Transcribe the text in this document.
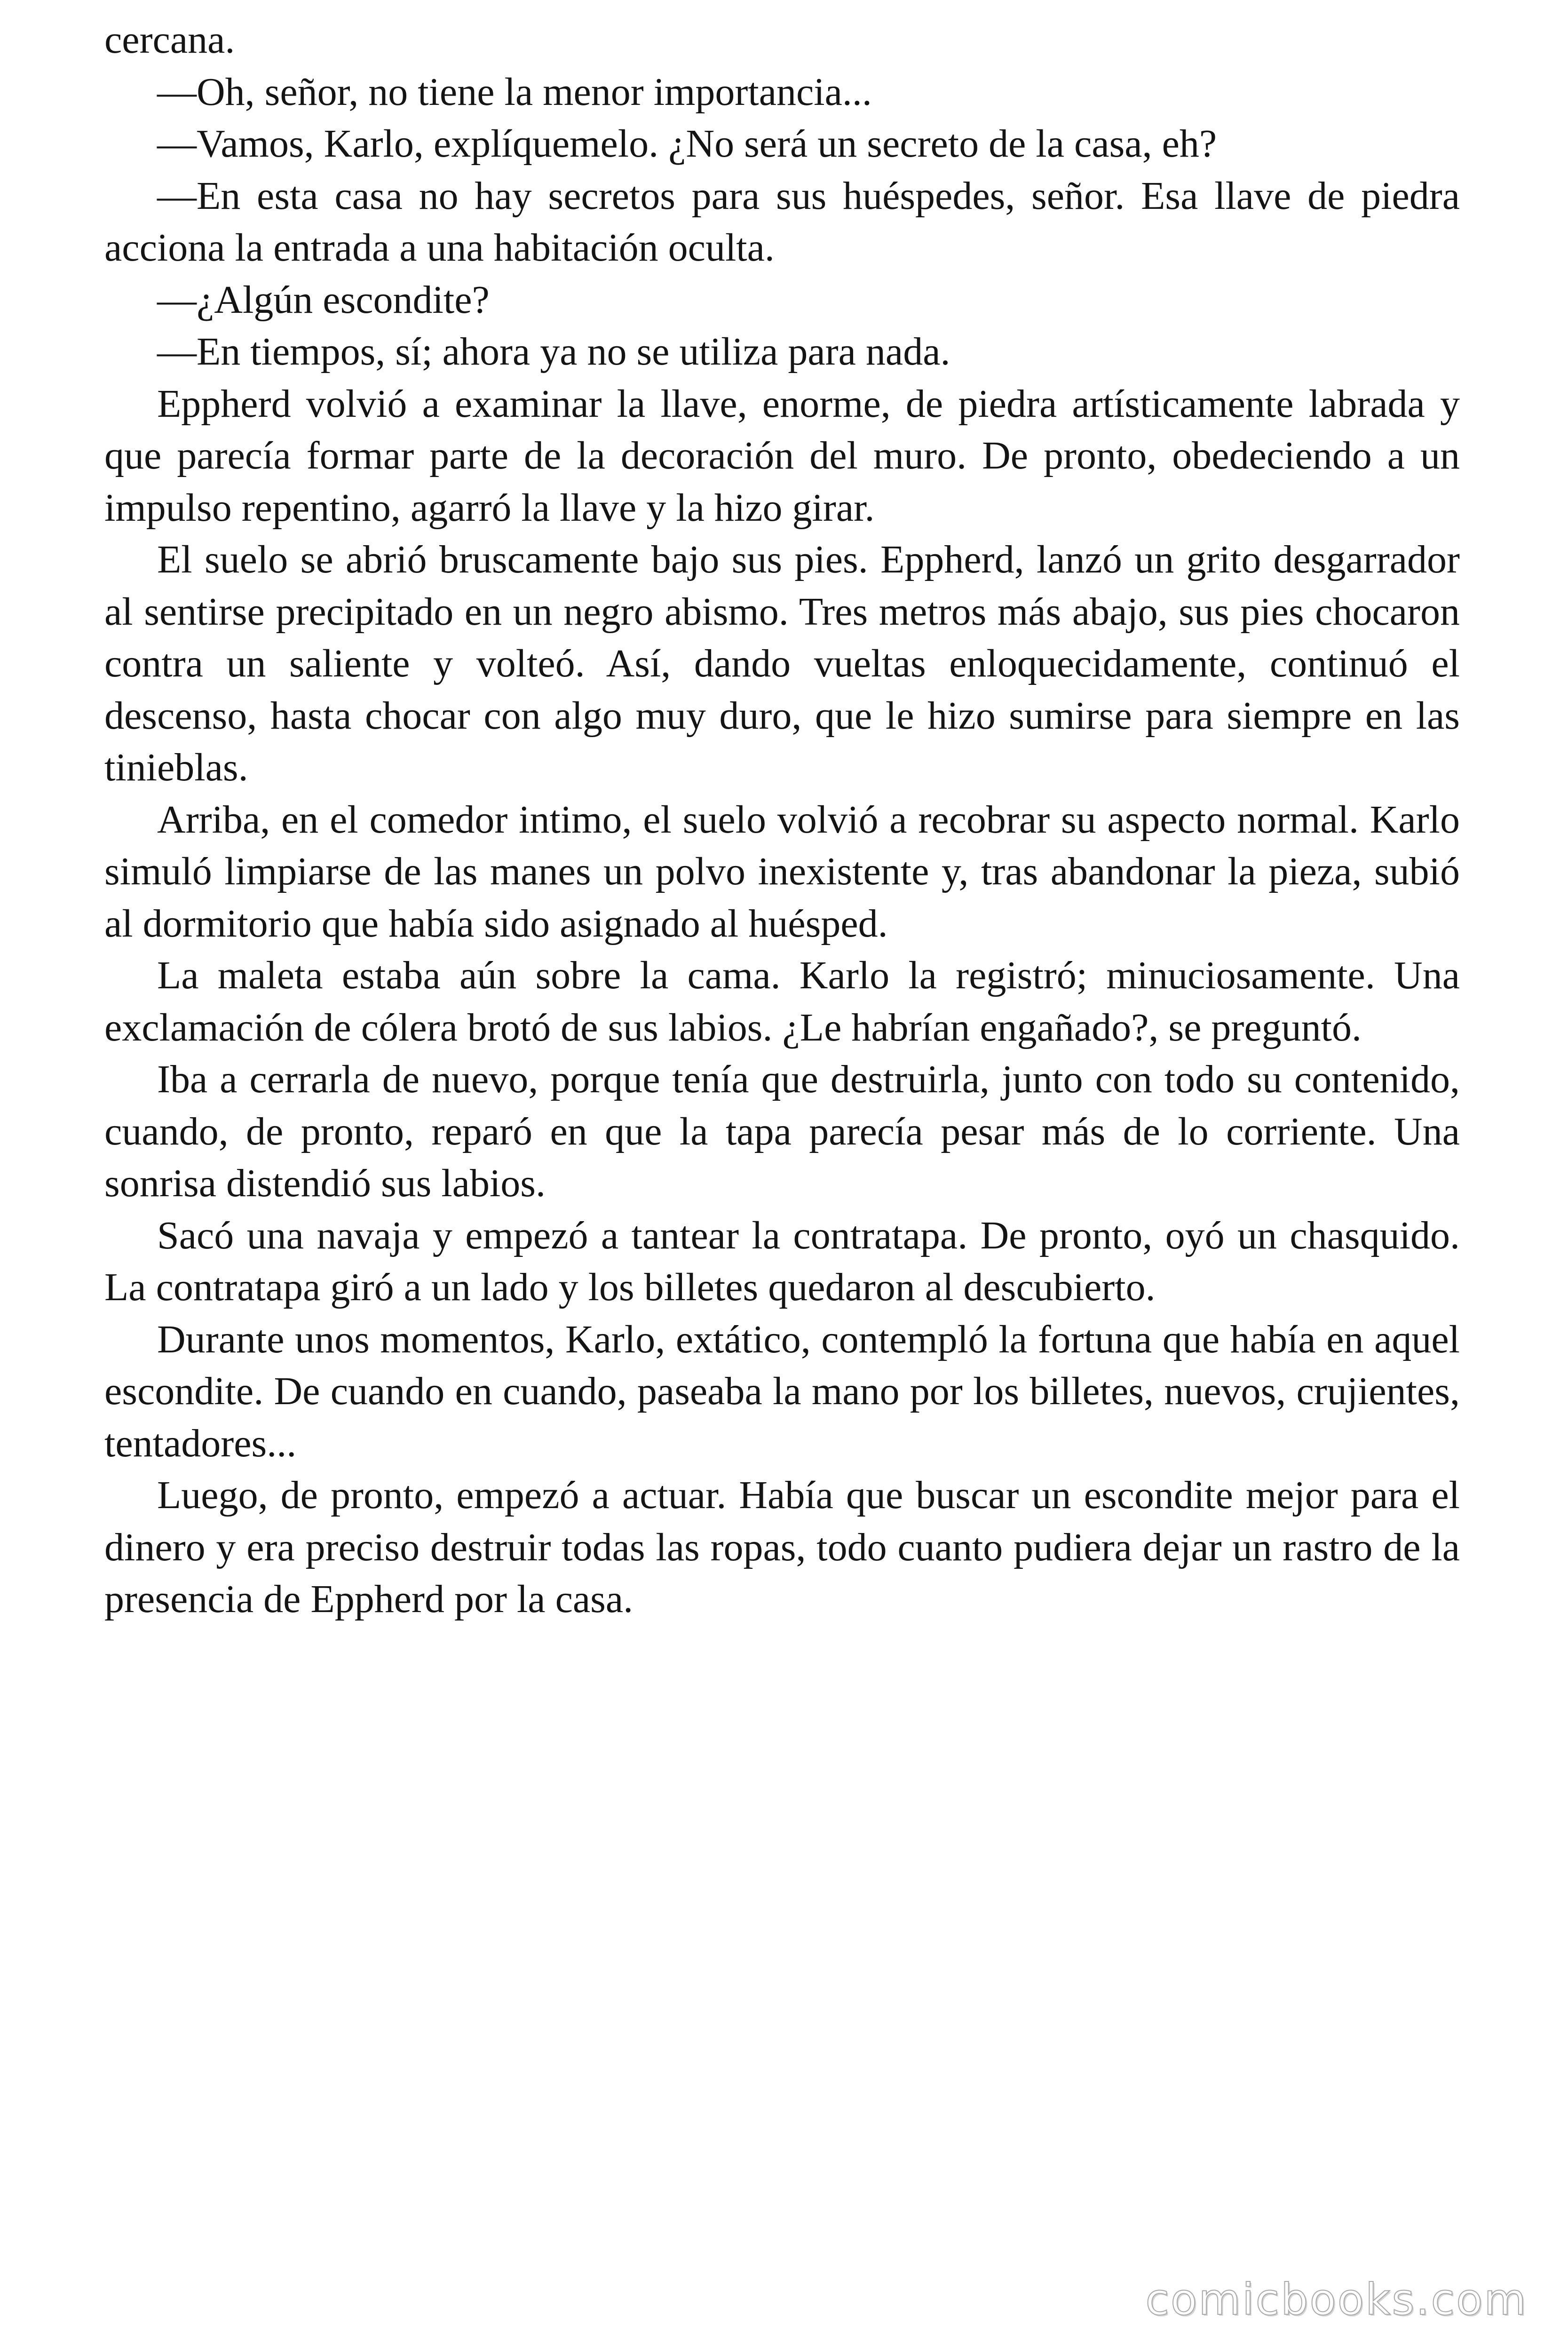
cercana.

—Oh, señor, no tiene la menor importancia...

—Vamos, Karlo, explíquemelo. ¿No será un secreto de la casa, eh?

—En esta casa no hay secretos para sus huéspedes, señor. Esa llave de piedra acciona la entrada a una habitación oculta.

—¿Algún escondite?

—En tiempos, sí; ahora ya no se utiliza para nada.

Eppherd volvió a examinar la llave, enorme, de piedra artísticamente labrada y que parecía formar parte de la decoración del muro. De pronto, obedeciendo a un impulso repentino, agarró la llave y la hizo girar.

El suelo se abrió bruscamente bajo sus pies. Eppherd, lanzó un grito desgarrador al sentirse precipitado en un negro abismo. Tres metros más abajo, sus pies chocaron contra un saliente y volteó. Así, dando vueltas enloquecidamente, continuó el descenso, hasta chocar con algo muy duro, que le hizo sumirse para siempre en las tinieblas.

Arriba, en el comedor intimo, el suelo volvió a recobrar su aspecto normal. Karlo simuló limpiarse de las manes un polvo inexistente y, tras abandonar la pieza, subió al dormitorio que había sido asignado al huésped.

La maleta estaba aún sobre la cama. Karlo la registró; minuciosamente. Una exclamación de cólera brotó de sus labios. ¿Le habrían engañado?, se preguntó.

Iba a cerrarla de nuevo, porque tenía que destruirla, junto con todo su contenido, cuando, de pronto, reparó en que la tapa parecía pesar más de lo corriente. Una sonrisa distendió sus labios.

Sacó una navaja y empezó a tantear la contratapa. De pronto, oyó un chasquido. La contratapa giró a un lado y los billetes quedaron al descubierto.

Durante unos momentos, Karlo, extático, contempló la fortuna que había en aquel escondite. De cuando en cuando, paseaba la mano por los billetes, nuevos, crujientes, tentadores...

Luego, de pronto, empezó a actuar. Había que buscar un escondite mejor para el dinero y era preciso destruir todas las ropas, todo cuanto pudiera dejar un rastro de la presencia de Eppherd por la casa.

comicbooks.com
